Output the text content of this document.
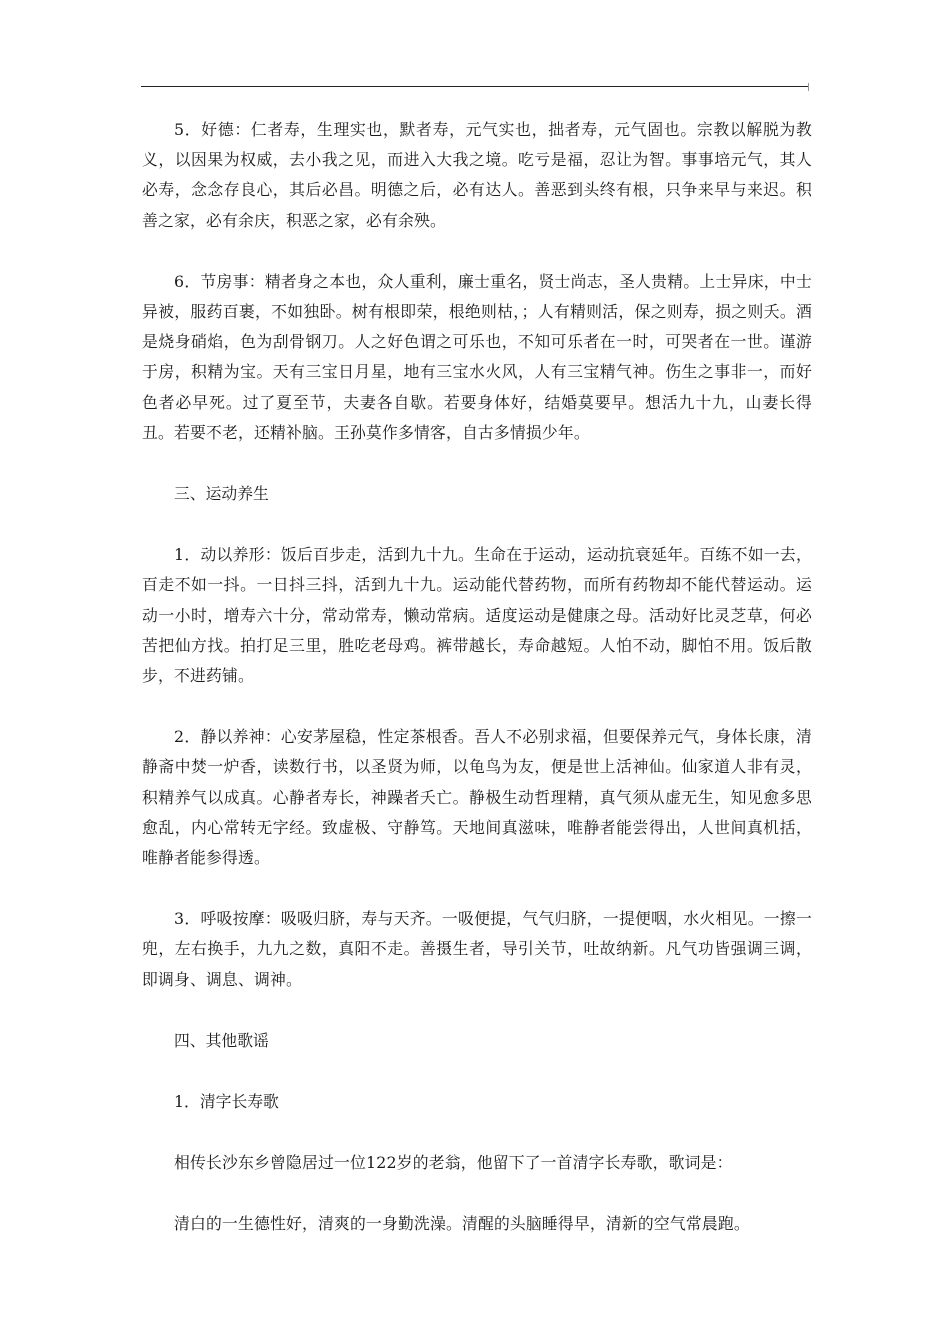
5．好德：仁者寿，生理实也，默者寿，元气实也，拙者寿，元气固也。宗教以解脱为教义，以因果为权威，去小我之见，而进入大我之境。吃亏是福，忍让为智。事事培元气，其人必寿，念念存良心，其后必昌。明德之后，必有达人。善恶到头终有根，只争来早与来迟。积善之家，必有余庆，积恶之家，必有余殃。

6．节房事：精者身之本也，众人重利，廉士重名，贤士尚志，圣人贵精。上士异床，中士异被，服药百裹，不如独卧。树有根即荣，根绝则枯，；人有精则活，保之则寿，损之则夭。酒是烧身硝焰，色为刮骨钢刀。人之好色谓之可乐也，不知可乐者在一时，可哭者在一世。谨游于房，积精为宝。天有三宝日月星，地有三宝水火风，人有三宝精气神。伤生之事非一，而好色者必早死。过了夏至节，夫妻各自歇。若要身体好，结婚莫要早。想活九十九，山妻长得丑。若要不老，还精补脑。王孙莫作多情客，自古多情损少年。

三、运动养生

1．动以养形：饭后百步走，活到九十九。生命在于运动，运动抗衰延年。百练不如一去，百走不如一抖。一日抖三抖，活到九十九。运动能代替药物，而所有药物却不能代替运动。运动一小时，增寿六十分，常动常寿，懒动常病。适度运动是健康之母。活动好比灵芝草，何必苦把仙方找。拍打足三里，胜吃老母鸡。裤带越长，寿命越短。人怕不动，脚怕不用。饭后散步，不进药铺。

2．静以养神：心安茅屋稳，性定茶根香。吾人不必别求福，但要保养元气，身体长康，清静斋中焚一炉香，读数行书，以圣贤为师，以龟鸟为友，便是世上活神仙。仙家道人非有灵，积精养气以成真。心静者寿长，神躁者夭亡。静极生动哲理精，真气须从虚无生，知见愈多思愈乱，内心常转无字经。致虚极、守静笃。天地间真滋味，唯静者能尝得出，人世间真机括，唯静者能参得透。

3．呼吸按摩：吸吸归脐，寿与天齐。一吸便提，气气归脐，一提便咽，水火相见。一擦一兜，左右换手，九九之数，真阳不走。善摄生者，导引关节，吐故纳新。凡气功皆强调三调，即调身、调息、调神。

四、其他歌谣

1．清字长寿歌

相传长沙东乡曾隐居过一位122岁的老翁，他留下了一首清字长寿歌，歌词是：

清白的一生德性好，清爽的一身勤洗澡。清醒的头脑睡得早，清新的空气常晨跑。
